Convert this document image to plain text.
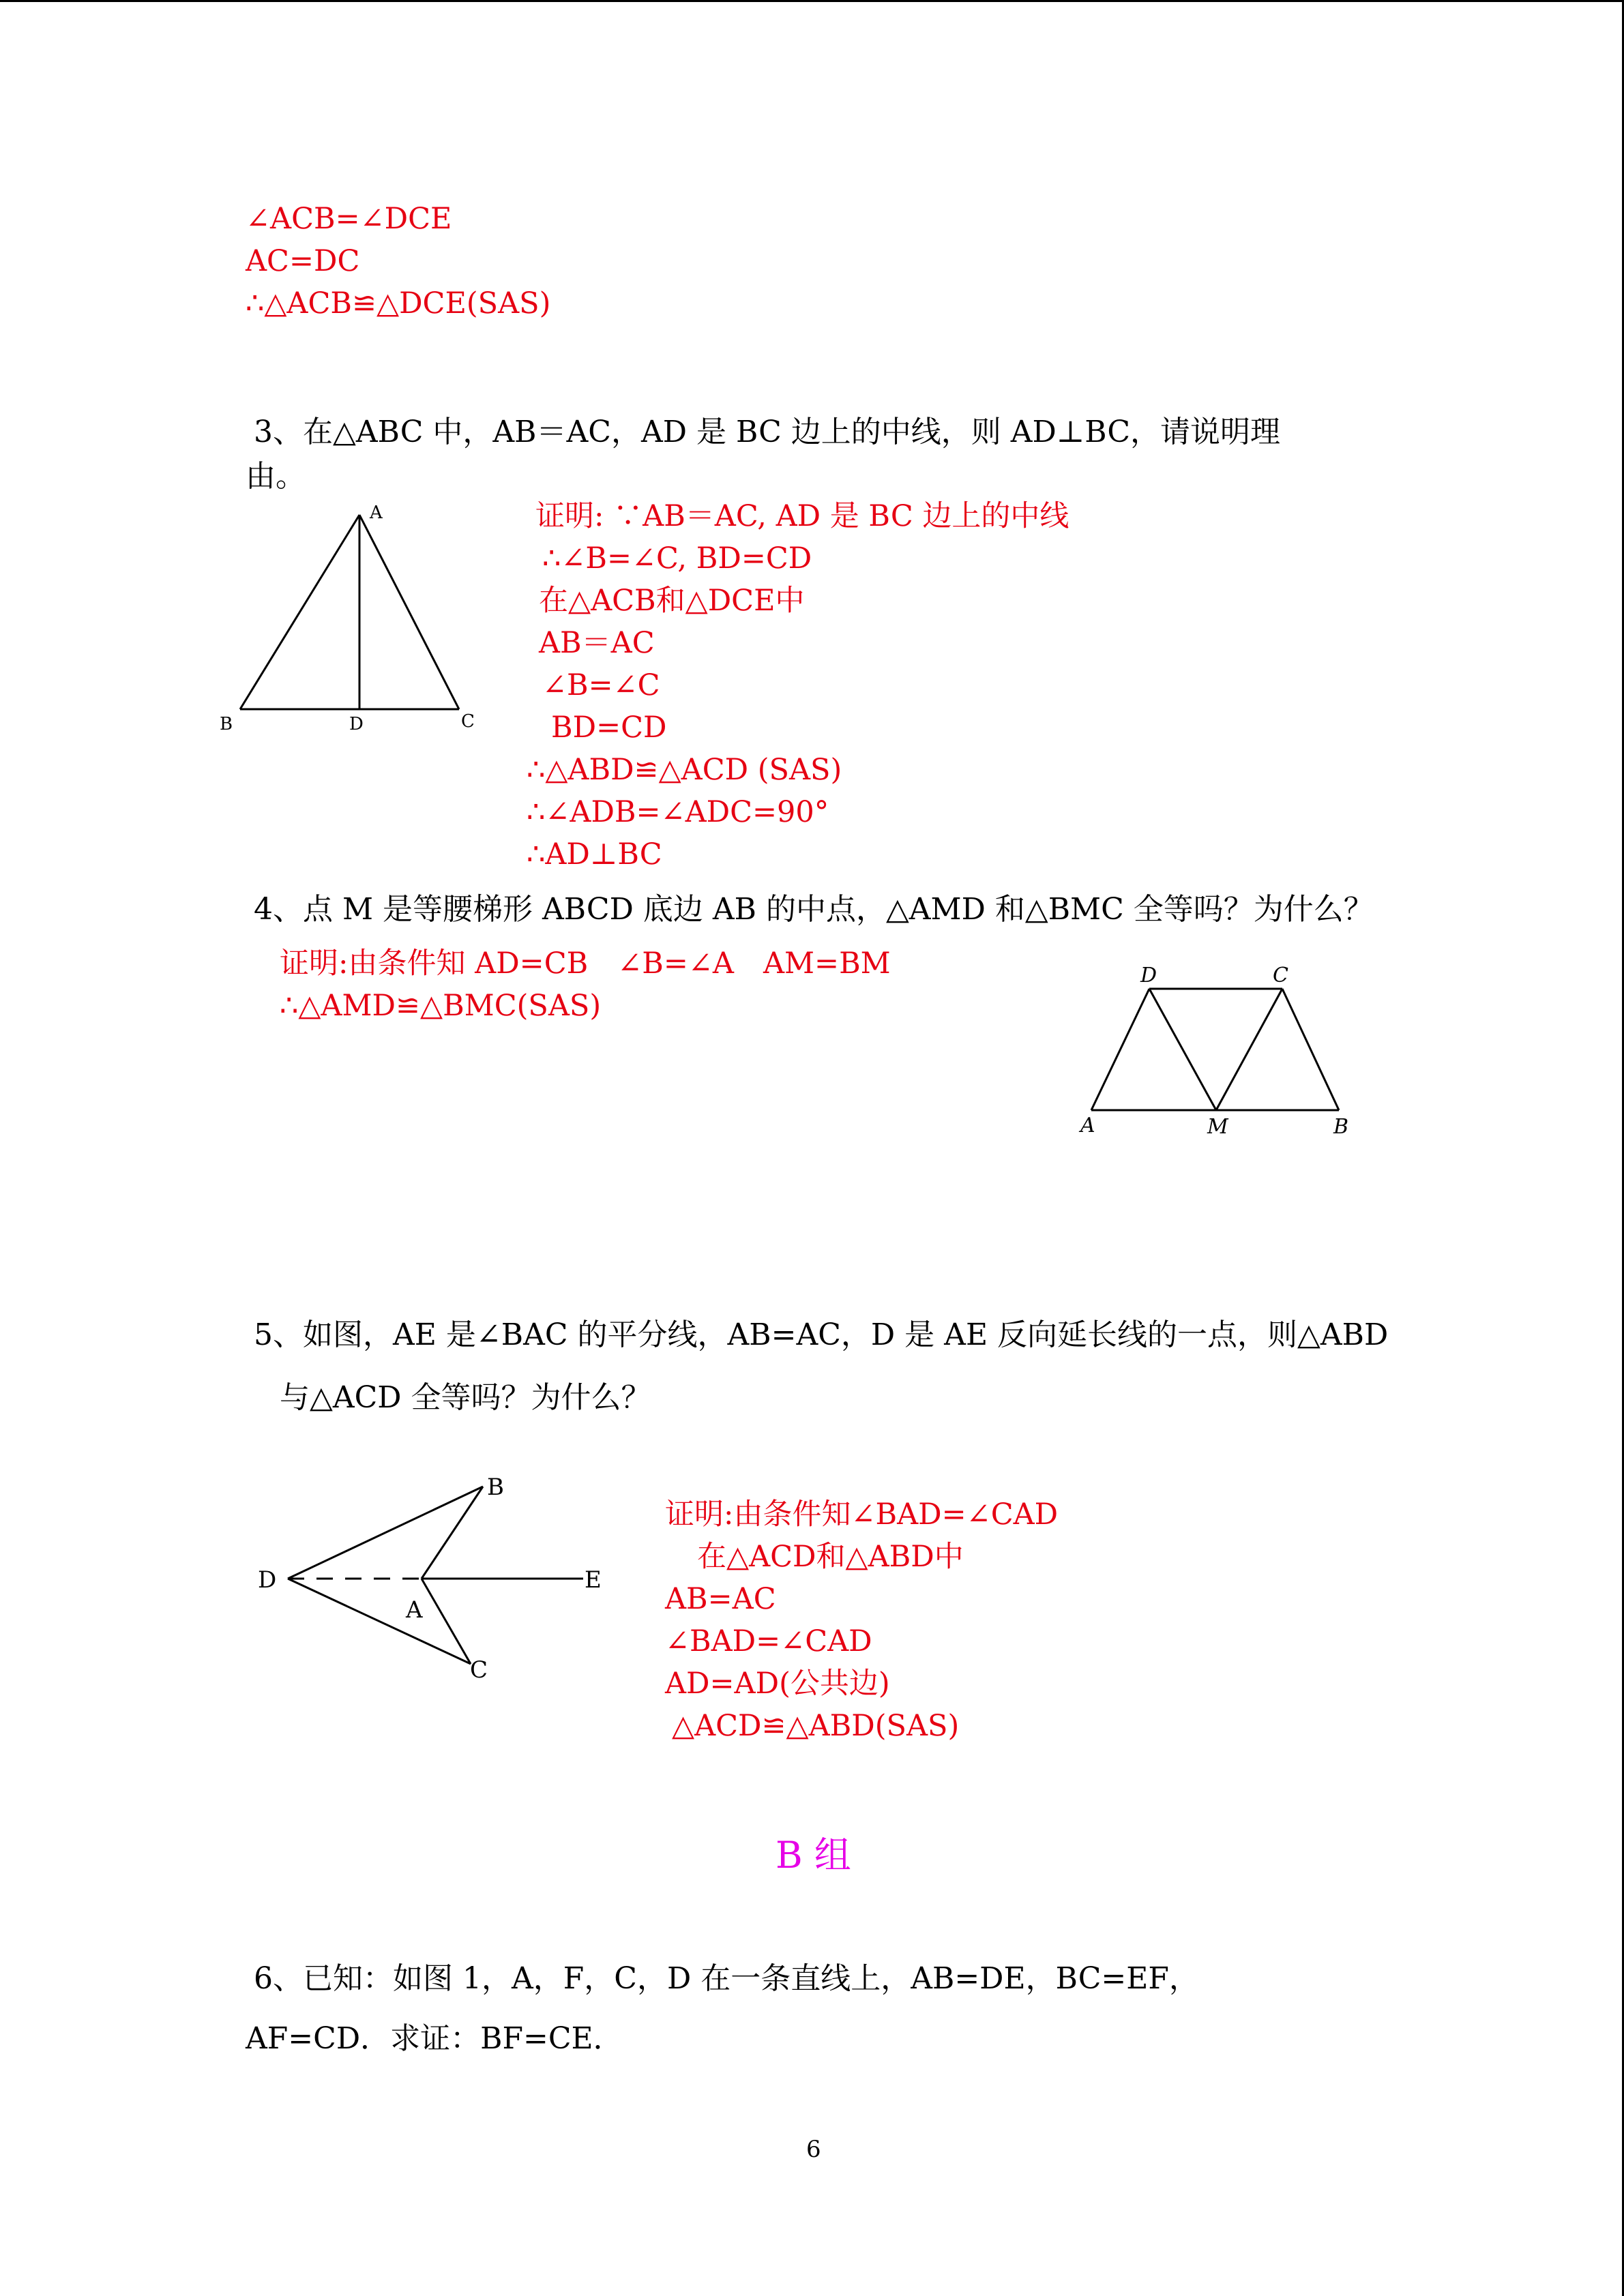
∠ACB=∠DCE
AC=DC
∴△ACB≌△DCE(SAS)
3、在△ABC 中，AB＝AC，AD 是 BC 边上的中线，则 AD⊥BC，请说明理
由。
A
B	D	C
证明: ∵AB＝AC, AD 是 BC 边上的中线
∴∠B=∠C, BD=CD
在△ACB和△DCE中
AB＝AC
∠B=∠C
BD=CD
∴△ABD≌△ACD (SAS)
∴∠ADB=∠ADC=90°
∴AD⊥BC
4、点 M 是等腰梯形 ABCD 底边 AB 的中点，△AMD 和△BMC 全等吗？为什么？
证明:由条件知 AD=CB　∠B=∠A　AM=BM
∴△AMD≌△BMC(SAS)
D	C
A	M	B
5、如图，AE 是∠BAC 的平分线，AB=AC，D 是 AE 反向延长线的一点，则△ABD
与△ACD 全等吗？为什么？
B
D	E
A
C
证明:由条件知∠BAD=∠CAD
在△ACD和△ABD中
AB=AC
∠BAD=∠CAD
AD=AD(公共边)
△ACD≌△ABD(SAS)
B 组
6、已知：如图 1，A，F，C，D 在一条直线上，AB=DE，BC=EF，
AF=CD．求证：BF=CE．
6
